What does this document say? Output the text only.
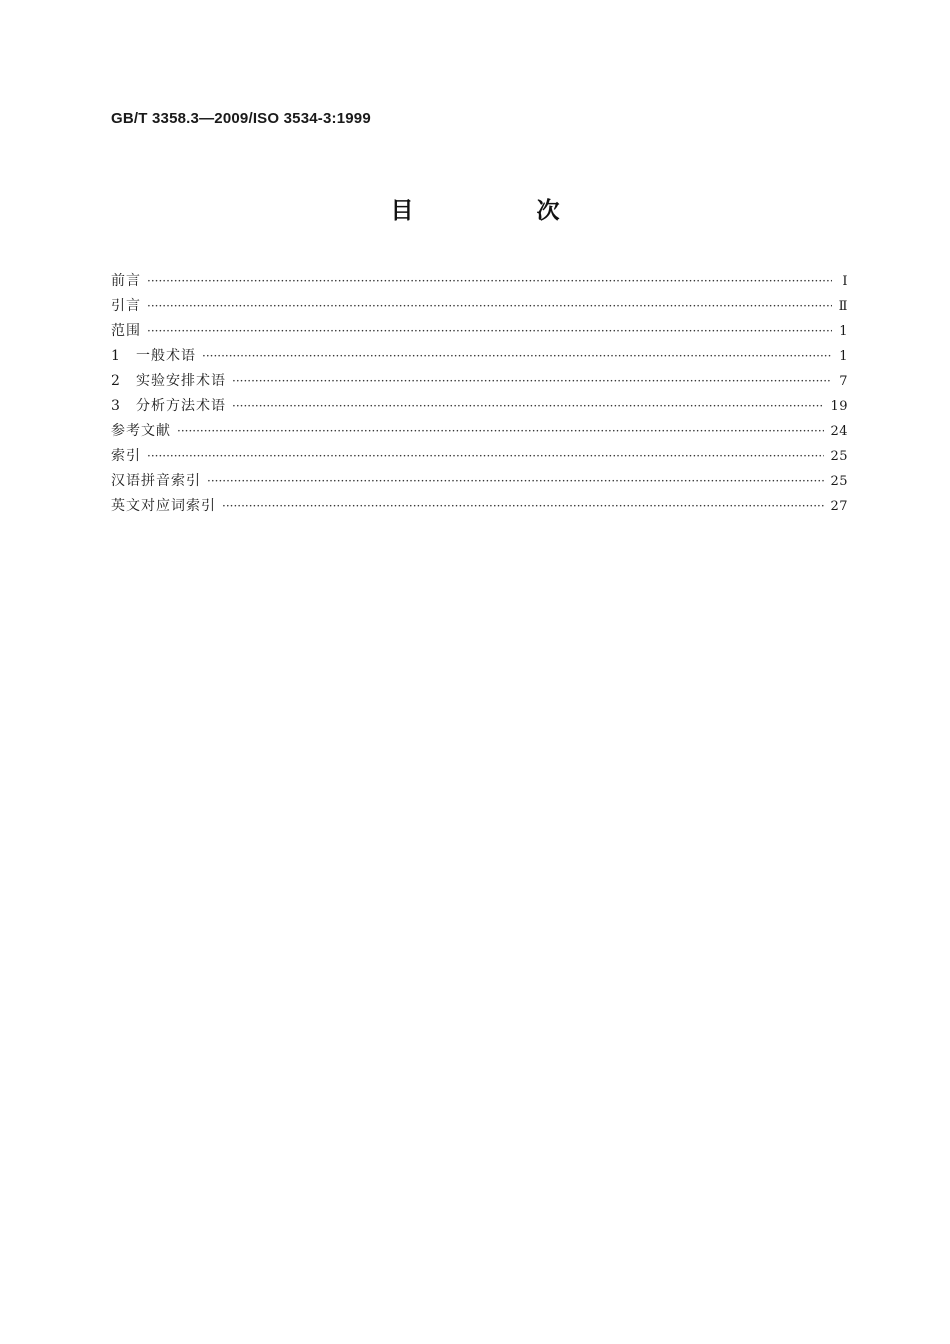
GB/T 3358.3—2009/ISO 3534-3:1999
目　次
前言 ·····	Ⅰ
引言 ·····	Ⅱ
范围 ·····	1
1	一般术语 ·····	1
2	实验安排术语 ·····	7
3	分析方法术语 ·····	19
参考文献 ·····	24
索引 ·····	25
汉语拼音索引 ·····	25
英文对应词索引 ·····	27
